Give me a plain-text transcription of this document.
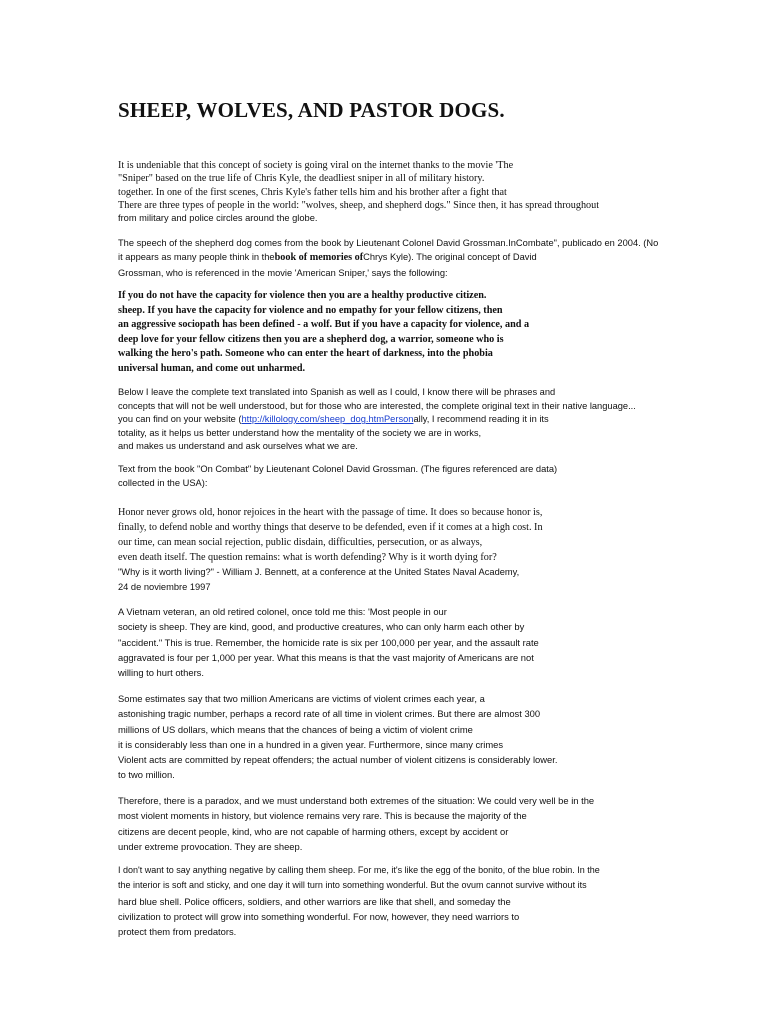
SHEEP, WOLVES, AND PASTOR DOGS.
It is undeniable that this concept of society is going viral on the internet thanks to the movie 'The
"Sniper" based on the true life of Chris Kyle, the deadliest sniper in all of military history.
together. In one of the first scenes, Chris Kyle's father tells him and his brother after a fight that
There are three types of people in the world: "wolves, sheep, and shepherd dogs." Since then, it has spread throughout
from military and police circles around the globe.
The speech of the shepherd dog comes from the book by Lieutenant Colonel David Grossman.InCombate", publicado en 2004. (No
it appears as many people think in thebook of memories ofChrys Kyle). The original concept of David
Grossman, who is referenced in the movie 'American Sniper,' says the following:
If you do not have the capacity for violence then you are a healthy productive citizen.
sheep. If you have the capacity for violence and no empathy for your fellow citizens, then
an aggressive sociopath has been defined - a wolf. But if you have a capacity for violence, and a
deep love for your fellow citizens then you are a shepherd dog, a warrior, someone who is
walking the hero's path. Someone who can enter the heart of darkness, into the phobia
universal human, and come out unharmed.
Below I leave the complete text translated into Spanish as well as I could, I know there will be phrases and
concepts that will not be well understood, but for those who are interested, the complete original text in their native language...
you can find on your website (http://killology.com/sheep_dog.htmPersonally, I recommend reading it in its
totality, as it helps us better understand how the mentality of the society we are in works,
and makes us understand and ask ourselves what we are.
Text from the book "On Combat" by Lieutenant Colonel David Grossman. (The figures referenced are data)
collected in the USA):
Honor never grows old, honor rejoices in the heart with the passage of time. It does so because honor is,
finally, to defend noble and worthy things that deserve to be defended, even if it comes at a high cost. In
our time, can mean social rejection, public disdain, difficulties, persecution, or as always,
even death itself. The question remains: what is worth defending? Why is it worth dying for?
"Why is it worth living?" - William J. Bennett, at a conference at the United States Naval Academy,
24 de noviembre 1997
A Vietnam veteran, an old retired colonel, once told me this: 'Most people in our
society is sheep. They are kind, good, and productive creatures, who can only harm each other by
"accident." This is true. Remember, the homicide rate is six per 100,000 per year, and the assault rate
aggravated is four per 1,000 per year. What this means is that the vast majority of Americans are not
willing to hurt others.
Some estimates say that two million Americans are victims of violent crimes each year, a
astonishing tragic number, perhaps a record rate of all time in violent crimes. But there are almost 300
millions of US dollars, which means that the chances of being a victim of violent crime
it is considerably less than one in a hundred in a given year. Furthermore, since many crimes
Violent acts are committed by repeat offenders; the actual number of violent citizens is considerably lower.
to two million.
Therefore, there is a paradox, and we must understand both extremes of the situation: We could very well be in the
most violent moments in history, but violence remains very rare. This is because the majority of the
citizens are decent people, kind, who are not capable of harming others, except by accident or
under extreme provocation. They are sheep.
I don't want to say anything negative by calling them sheep. For me, it's like the egg of the bonito, of the blue robin. In the
the interior is soft and sticky, and one day it will turn into something wonderful. But the ovum cannot survive without its
hard blue shell. Police officers, soldiers, and other warriors are like that shell, and someday the
civilization to protect will grow into something wonderful. For now, however, they need warriors to
protect them from predators.
